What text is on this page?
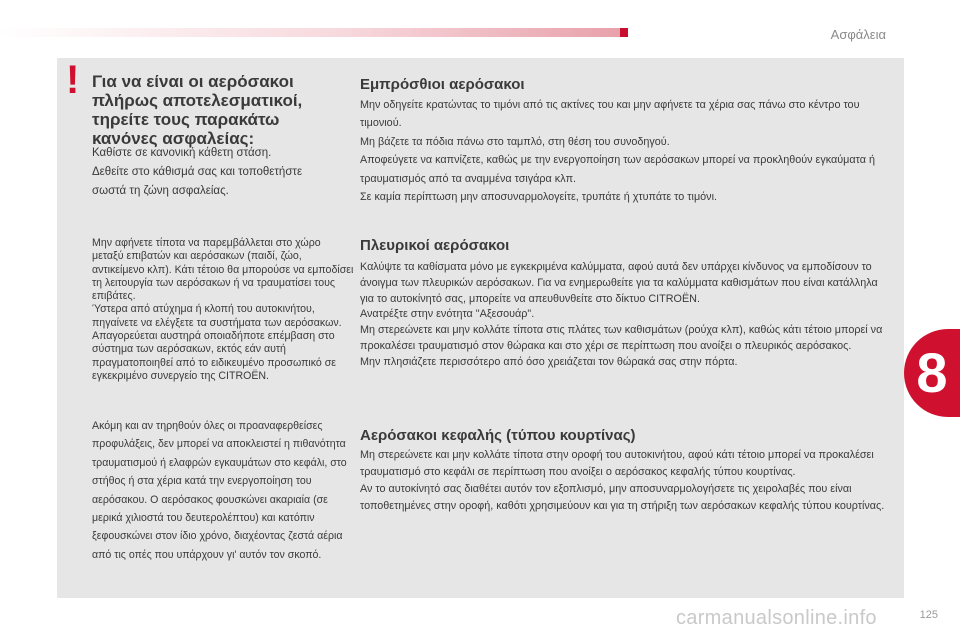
Ασφάλεια
! Για να είναι οι αερόσακοι πλήρως αποτελεσματικοί, τηρείτε τους παρακάτω κανόνες ασφαλείας:

Καθίστε σε κανονική κάθετη στάση.

Δεθείτε στο κάθισμά σας και τοποθετήστε σωστά τη ζώνη ασφαλείας.

Μην αφήνετε τίποτα να παρεμβάλλεται στο χώρο μεταξύ επιβατών και αερόσακων (παιδί, ζώο, αντικείμενο κλπ). Κάτι τέτοιο θα μπορούσε να εμποδίσει τη λειτουργία των αερόσακων ή να τραυματίσει τους επιβάτες.

Ύστερα από ατύχημα ή κλοπή του αυτοκινήτου, πηγαίνετε να ελέγξετε τα συστήματα των αερόσακων.

Απαγορεύεται αυστηρά οποιαδήποτε επέμβαση στο σύστημα των αερόσακων, εκτός εάν αυτή πραγματοποιηθεί από το ειδικευμένο προσωπικό σε εγκεκριμένο συνεργείο της CITROËN.

Ακόμη και αν τηρηθούν όλες οι προαναφερθείσες προφυλάξεις, δεν μπορεί να αποκλειστεί η πιθανότητα τραυματισμού ή ελαφρών εγκαυμάτων στο κεφάλι, στο στήθος ή στα χέρια κατά την ενεργοποίηση του αερόσακου. Ο αερόσακος φουσκώνει ακαριαία (σε μερικά χιλιοστά του δευτερολέπτου) και κατόπιν ξεφουσκώνει στον ίδιο χρόνο, διαχέοντας ζεστά αέρια από τις οπές που υπάρχουν γι' αυτόν τον σκοπό.

Εμπρόσθιοι αερόσακοι

Μην οδηγείτε κρατώντας το τιμόνι από τις ακτίνες του και μην αφήνετε τα χέρια σας πάνω στο κέντρο του τιμονιού.

Μη βάζετε τα πόδια πάνω στο ταμπλό, στη θέση του συνοδηγού.

Αποφεύγετε να καπνίζετε, καθώς με την ενεργοποίηση των αερόσακων μπορεί να προκληθούν εγκαύματα ή τραυματισμός από τα αναμμένα τσιγάρα κλπ.

Σε καμία περίπτωση μην αποσυναρμολογείτε, τρυπάτε ή χτυπάτε το τιμόνι.

Πλευρικοί αερόσακοι

Καλύψτε τα καθίσματα μόνο με εγκεκριμένα καλύμματα, αφού αυτά δεν υπάρχει κίνδυνος να εμποδίσουν το άνοιγμα των πλευρικών αερόσακων. Για να ενημερωθείτε για τα καλύμματα καθισμάτων που είναι κατάλληλα για το αυτοκίνητό σας, μπορείτε να απευθυνθείτε στο δίκτυο CITROËN.

Ανατρέξτε στην ενότητα "Αξεσουάρ".

Μη στερεώνετε και μην κολλάτε τίποτα στις πλάτες των καθισμάτων (ρούχα κλπ), καθώς κάτι τέτοιο μπορεί να προκαλέσει τραυματισμό στον θώρακα και στο χέρι σε περίπτωση που ανοίξει ο πλευρικός αερόσακος.

Μην πλησιάζετε περισσότερο από όσο χρειάζεται τον θώρακά σας στην πόρτα.

Αερόσακοι κεφαλής (τύπου κουρτίνας)

Μη στερεώνετε και μην κολλάτε τίποτα στην οροφή του αυτοκινήτου, αφού κάτι τέτοιο μπορεί να προκαλέσει τραυματισμό στο κεφάλι σε περίπτωση που ανοίξει ο αερόσακος κεφαλής τύπου κουρτίνας.

Αν το αυτοκίνητό σας διαθέτει αυτόν τον εξοπλισμό, μην αποσυναρμολογήσετε τις χειρολαβές που είναι τοποθετημένες στην οροφή, καθότι χρησιμεύουν και για τη στήριξη των αερόσακων κεφαλής τύπου κουρτίνας.

8
carmanualsonline.info	125
